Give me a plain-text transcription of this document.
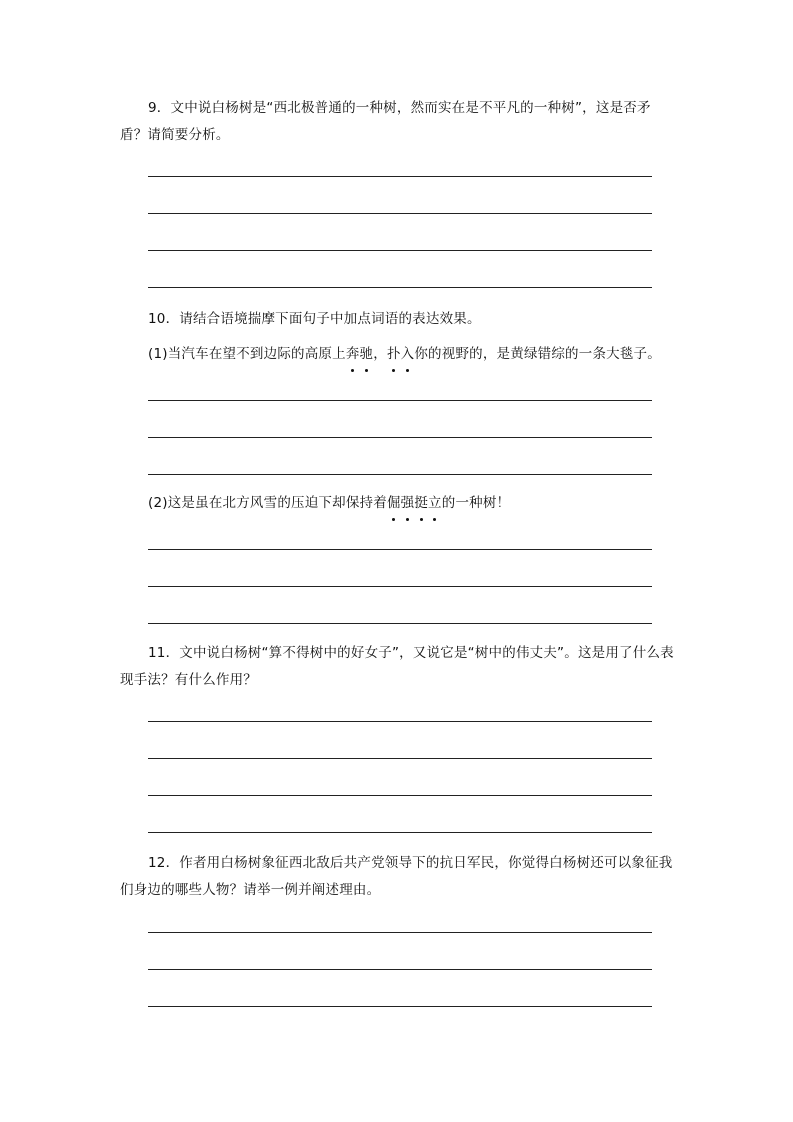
9．文中说白杨树是“西北极普通的一种树，然而实在是不平凡的一种树”，这是否矛盾？请简要分析。

10．请结合语境揣摩下面句子中加点词语的表达效果。

(1)当汽车在望不到边际的高原上奔驰，扑入你的视野的，是黄绿错综的一条大毯子。

(2)这是虽在北方风雪的压迫下却保持着倔强挺立的一种树！

11．文中说白杨树“算不得树中的好女子”，又说它是“树中的伟丈夫”。这是用了什么表现手法？有什么作用？

12．作者用白杨树象征西北敌后共产党领导下的抗日军民，你觉得白杨树还可以象征我们身边的哪些人物？请举一例并阐述理由。
